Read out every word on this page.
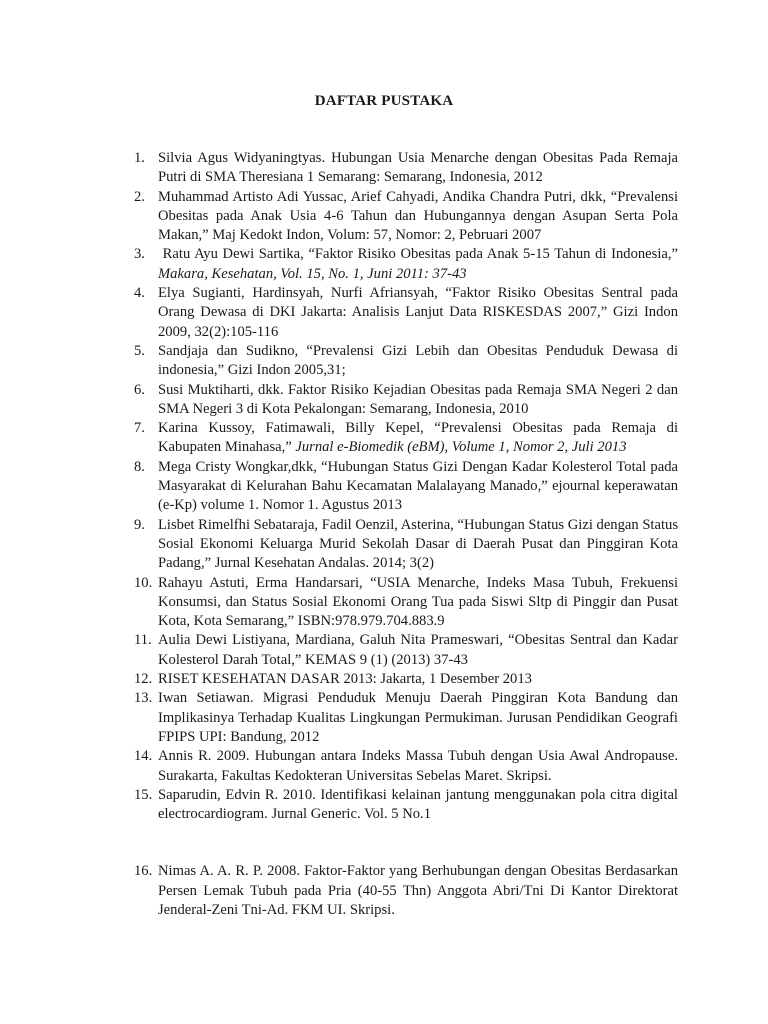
DAFTAR PUSTAKA
1. Silvia Agus Widyaningtyas. Hubungan Usia Menarche dengan Obesitas Pada Remaja Putri di SMA Theresiana 1 Semarang: Semarang, Indonesia, 2012
2. Muhammad Artisto Adi Yussac, Arief Cahyadi, Andika Chandra Putri, dkk, “Prevalensi Obesitas pada Anak Usia 4-6 Tahun dan Hubungannya dengan Asupan Serta Pola Makan,” Maj Kedokt Indon, Volum: 57, Nomor: 2, Pebruari 2007
3. Ratu Ayu Dewi Sartika, “Faktor Risiko Obesitas pada Anak 5-15 Tahun di Indonesia,” Makara, Kesehatan, Vol. 15, No. 1, Juni 2011: 37-43
4. Elya Sugianti, Hardinsyah, Nurfi Afriansyah, “Faktor Risiko Obesitas Sentral pada Orang Dewasa di DKI Jakarta: Analisis Lanjut Data RISKESDAS 2007,” Gizi Indon 2009, 32(2):105-116
5. Sandjaja dan Sudikno, “Prevalensi Gizi Lebih dan Obesitas Penduduk Dewasa di indonesia,” Gizi Indon 2005,31;
6. Susi Muktiharti, dkk. Faktor Risiko Kejadian Obesitas pada Remaja SMA Negeri 2 dan SMA Negeri 3 di Kota Pekalongan: Semarang, Indonesia, 2010
7. Karina Kussoy, Fatimawali, Billy Kepel, “Prevalensi Obesitas pada Remaja di Kabupaten Minahasa,” Jurnal e-Biomedik (eBM), Volume 1, Nomor 2, Juli 2013
8. Mega Cristy Wongkar,dkk, “Hubungan Status Gizi Dengan Kadar Kolesterol Total pada Masyarakat di Kelurahan Bahu Kecamatan Malalayang Manado,” ejournal keperawatan (e-Kp) volume 1. Nomor 1. Agustus 2013
9. Lisbet Rimelfhi Sebataraja, Fadil Oenzil, Asterina, “Hubungan Status Gizi dengan Status Sosial Ekonomi Keluarga Murid Sekolah Dasar di Daerah Pusat dan Pinggiran Kota Padang,” Jurnal Kesehatan Andalas. 2014; 3(2)
10. Rahayu Astuti, Erma Handarsari, “USIA Menarche, Indeks Masa Tubuh, Frekuensi Konsumsi, dan Status Sosial Ekonomi Orang Tua pada Siswi Sltp di Pinggir dan Pusat Kota, Kota Semarang,” ISBN:978.979.704.883.9
11. Aulia Dewi Listiyana, Mardiana, Galuh Nita Prameswari, “Obesitas Sentral dan Kadar Kolesterol Darah Total,” KEMAS 9 (1) (2013) 37-43
12. RISET KESEHATAN DASAR 2013: Jakarta, 1 Desember 2013
13. Iwan Setiawan. Migrasi Penduduk Menuju Daerah Pinggiran Kota Bandung dan Implikasinya Terhadap Kualitas Lingkungan Permukiman. Jurusan Pendidikan Geografi FPIPS UPI: Bandung, 2012
14. Annis R. 2009. Hubungan antara Indeks Massa Tubuh dengan Usia Awal Andropause. Surakarta, Fakultas Kedokteran Universitas Sebelas Maret. Skripsi.
15. Saparudin, Edvin R. 2010. Identifikasi kelainan jantung menggunakan pola citra digital electrocardiogram. Jurnal Generic. Vol. 5 No.1
16. Nimas A. A. R. P. 2008. Faktor-Faktor yang Berhubungan dengan Obesitas Berdasarkan Persen Lemak Tubuh pada Pria (40-55 Thn) Anggota Abri/Tni Di Kantor Direktorat Jenderal-Zeni Tni-Ad. FKM UI. Skripsi.
